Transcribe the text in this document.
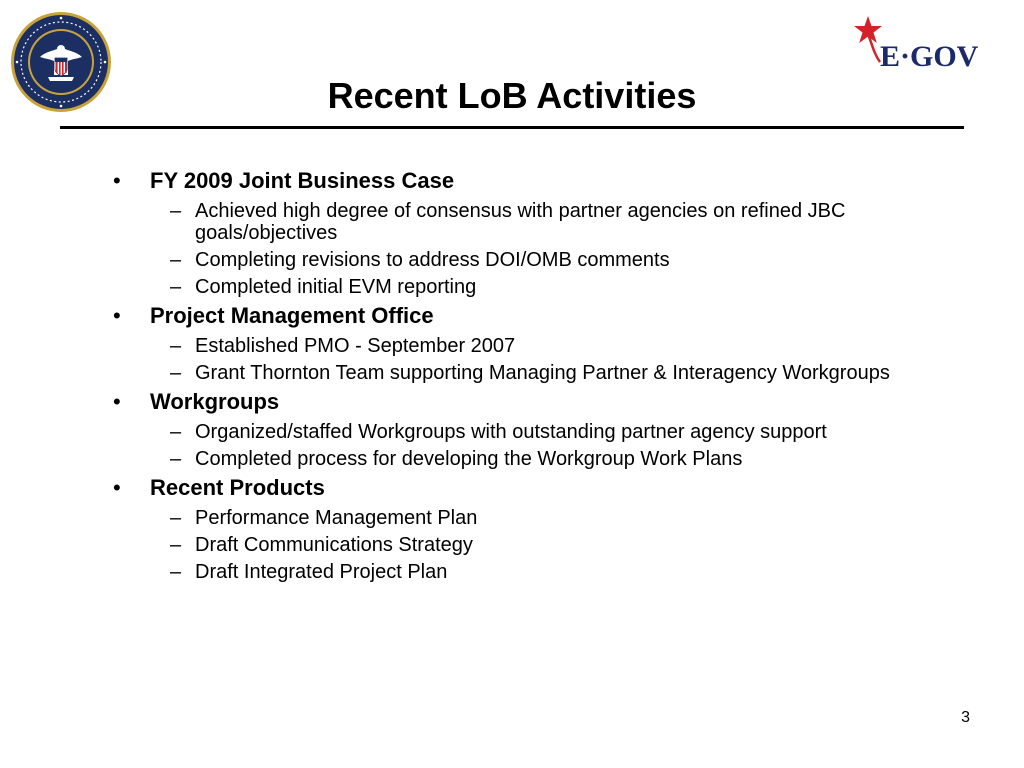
E·GOV
Recent LoB Activities
• FY 2009 Joint Business Case
– Achieved high degree of consensus with partner agencies on refined JBC goals/objectives
– Completing revisions to address DOI/OMB comments
– Completed initial EVM reporting
• Project Management Office
– Established PMO - September 2007
– Grant Thornton Team supporting Managing Partner & Interagency Workgroups
• Workgroups
– Organized/staffed Workgroups with outstanding partner agency support
– Completed process for developing the Workgroup Work Plans
• Recent Products
– Performance Management Plan
– Draft Communications Strategy
– Draft Integrated Project Plan
3
